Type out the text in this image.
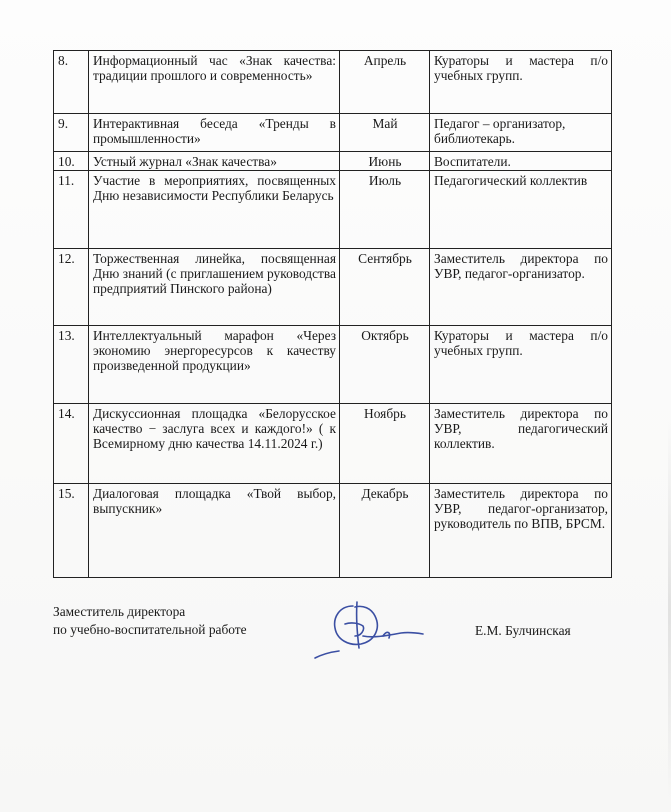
8.	Информационный час «Знак качества: традиции прошлого и современность»	Апрель	Кураторы и мастера п/о учебных групп.
9.	Интерактивная беседа «Тренды в промышленности»	Май	Педагог – организатор, библиотекарь.
10.	Устный журнал «Знак качества»	Июнь	Воспитатели.
11.	Участие в мероприятиях, посвященных Дню независимости Республики Беларусь	Июль	Педагогический коллектив
12.	Торжественная линейка, посвященная Дню знаний (с приглашением руководства предприятий Пинского района)	Сентябрь	Заместитель директора по УВР, педагог-организатор.
13.	Интеллектуальный марафон «Через экономию энергоресурсов к качеству произведенной продукции»	Октябрь	Кураторы и мастера п/о учебных групп.
14.	Дискуссионная площадка «Белорусское качество − заслуга всех и каждого!» ( к Всемирному дню качества 14.11.2024 г.)	Ноябрь	Заместитель директора по УВР, педагогический коллектив.
15.	Диалоговая площадка «Твой выбор, выпускник»	Декабрь	Заместитель директора по УВР, педагог-организатор, руководитель по ВПВ, БРСМ.
Заместитель директора
по учебно-воспитательной работе	Е.М. Булчинская
